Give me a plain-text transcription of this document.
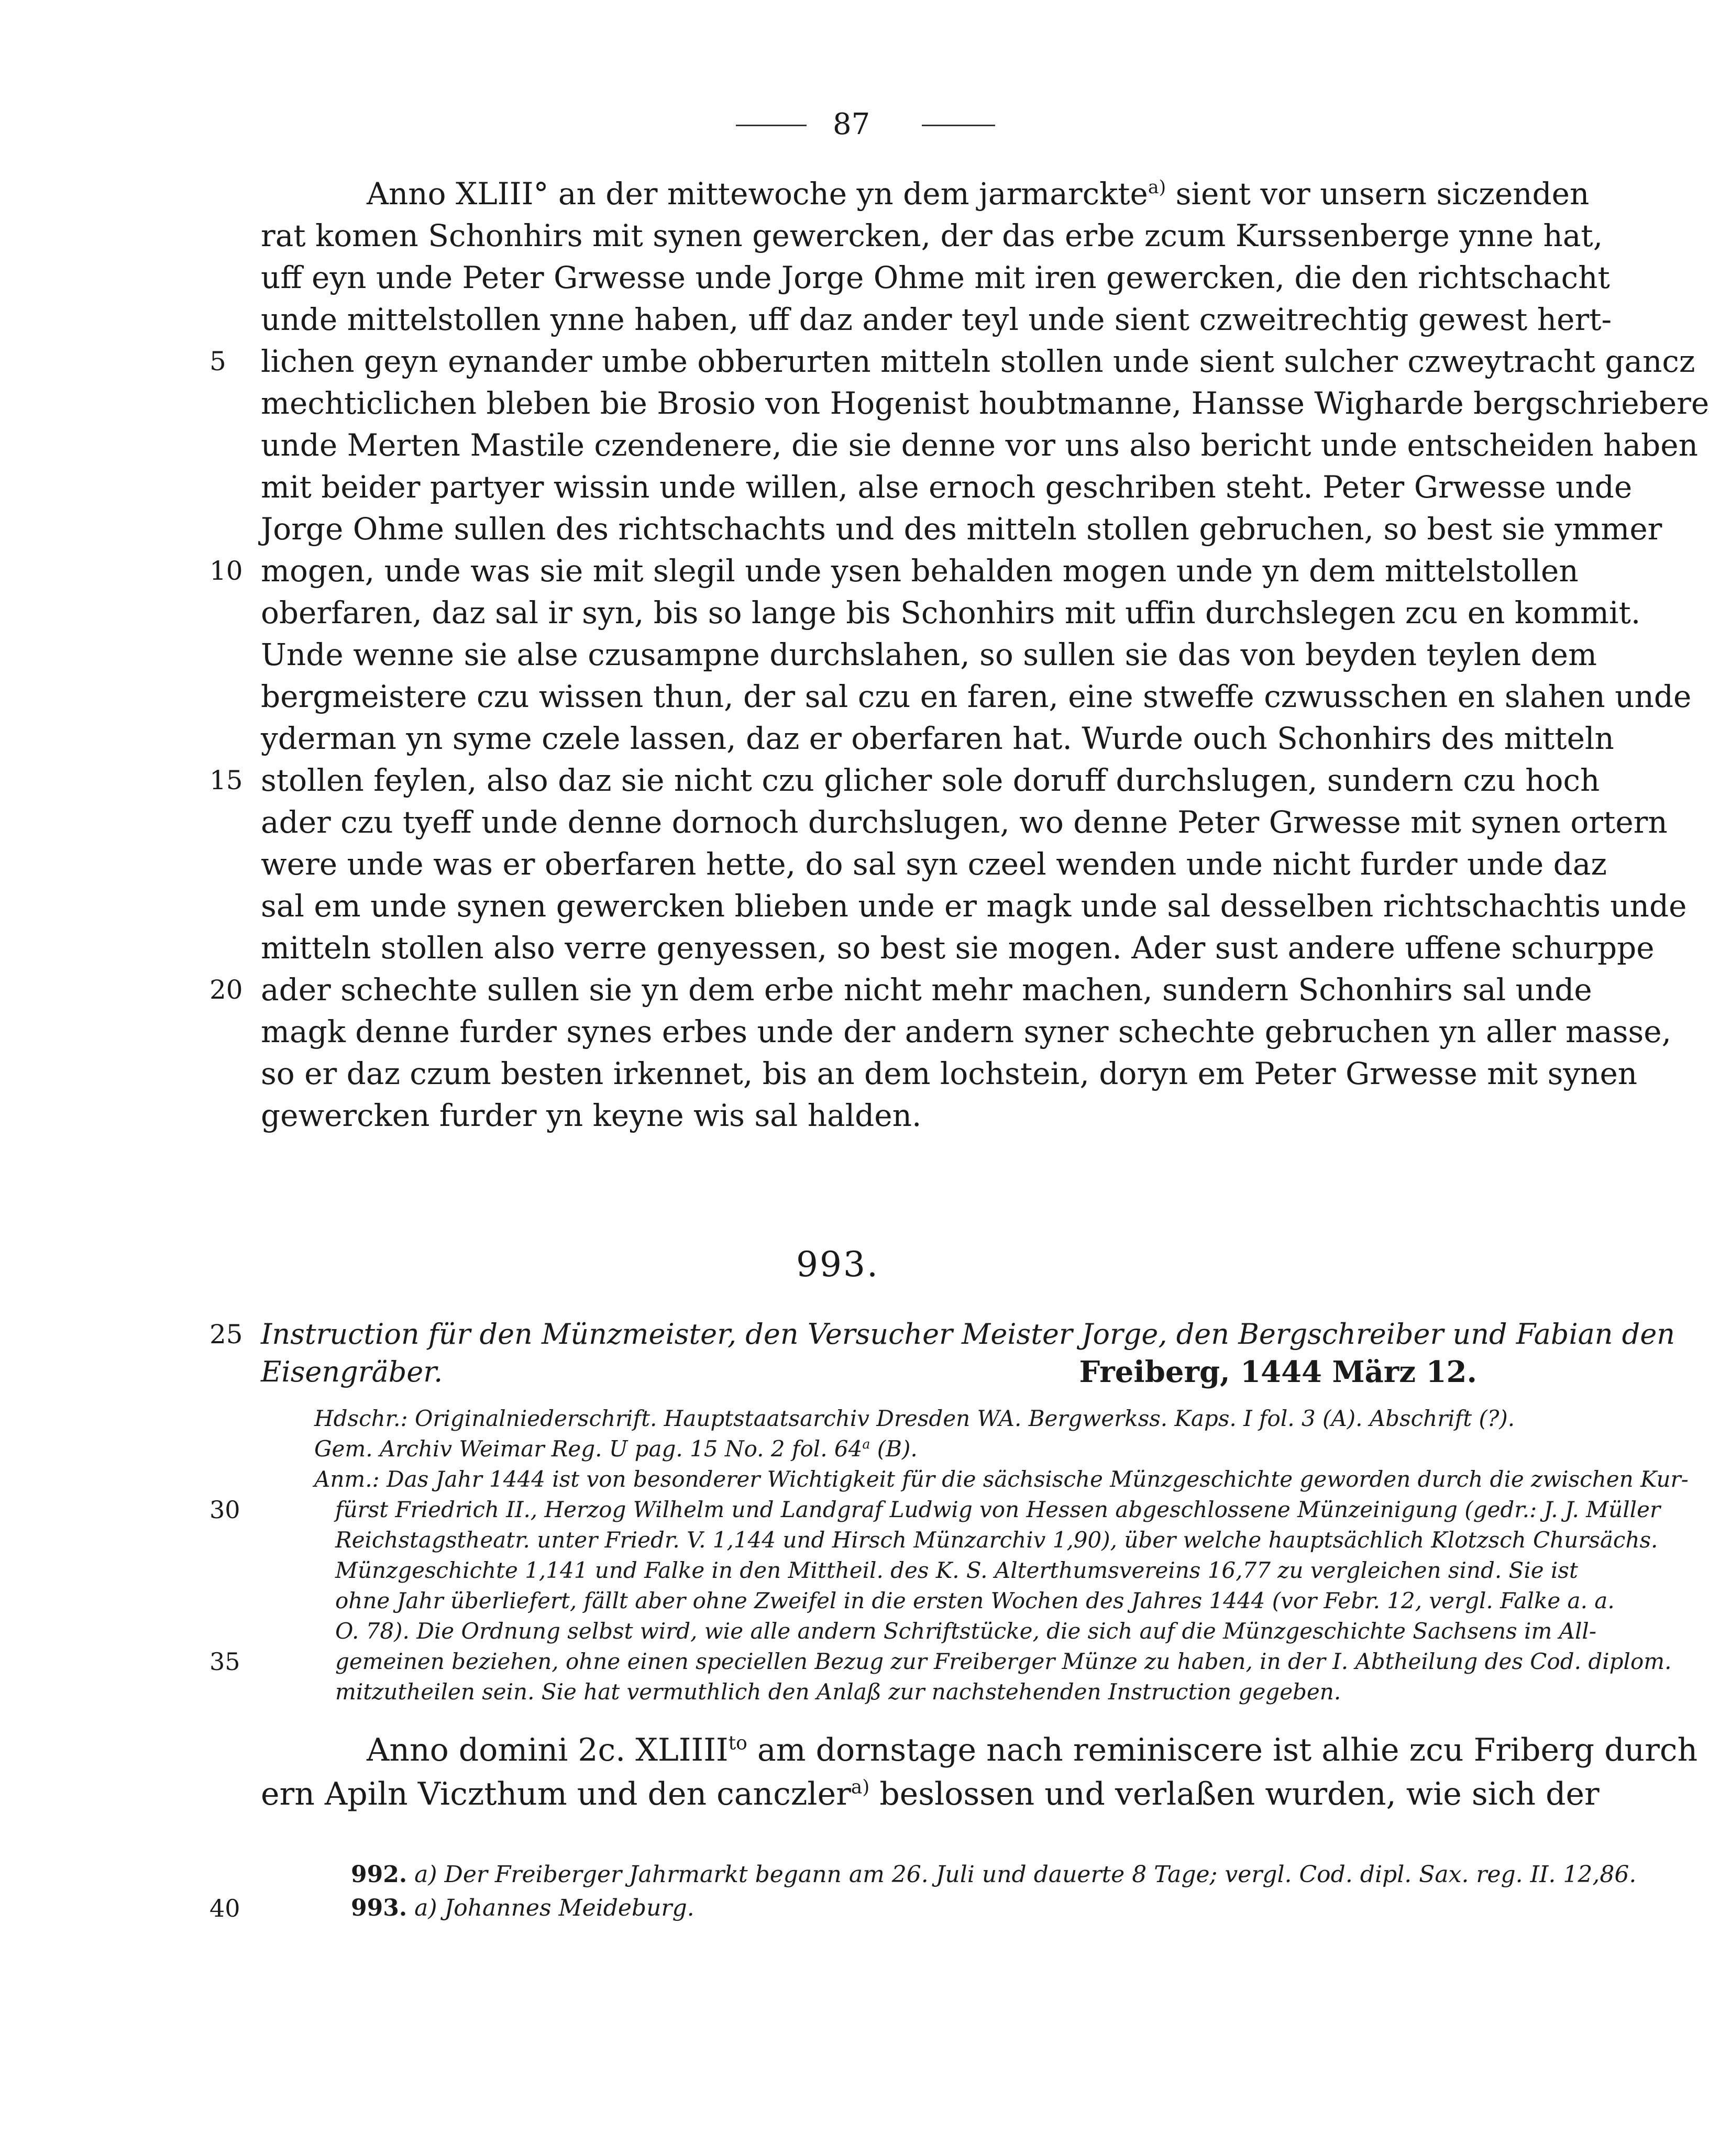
87
Anno XLIII° an der mittewoche yn dem jarmarckte$^{a)}$ sient vor unsern siczenden
rat komen Schonhirs mit synen gewercken, der das erbe zcum Kurssenberge ynne hat,
uff eyn unde Peter Grwesse unde Jorge Ohme mit iren gewercken, die den richtschacht
unde mittelstollen ynne haben, uff daz ander teyl unde sient czweitrechtig gewest hert-
5	lichen geyn eynander umbe obberurten mitteln stollen unde sient sulcher czweytracht gancz
mechticlichen bleben bie Brosio von Hogenist houbtmanne, Hansse Wigharde bergschriebere
unde Merten Mastile czendenere, die sie denne vor uns also bericht unde entscheiden haben
mit beider partyer wissin unde willen, alse ernoch geschriben steht. Peter Grwesse unde
Jorge Ohme sullen des richtschachts und des mitteln stollen gebruchen, so best sie ymmer
10 mogen, unde was sie mit slegil unde ysen behalden mogen unde yn dem mittelstollen
oberfaren, daz sal ir syn, bis so lange bis Schonhirs mit uffin durchslegen zcu en kommit.
Unde wenne sie alse czusampne durchslahen, so sullen sie das von beyden teylen dem
bergmeistere czu wissen thun, der sal czu en faren, eine stweffe czwusschen en slahen unde
yderman yn syme czele lassen, daz er oberfaren hat. Wurde ouch Schonhirs des mitteln
15 stollen feylen, also daz sie nicht czu glicher sole doruff durchslugen, sundern czu hoch
ader czu tyeff unde denne dornoch durchslugen, wo denne Peter Grwesse mit synen ortern
were unde was er oberfaren hette, do sal syn czeel wenden unde nicht furder unde daz
sal em unde synen gewercken blieben unde er magk unde sal desselben richtschachtis unde
mitteln stollen also verre genyessen, so best sie mogen. Ader sust andere uffene schurppe
20 ader schechte sullen sie yn dem erbe nicht mehr machen, sundern Schonhirs sal unde
magk denne furder synes erbes unde der andern syner schechte gebruchen yn aller masse,
so er daz czum besten irkennet, bis an dem lochstein, doryn em Peter Grwesse mit synen
gewercken furder yn keyne wis sal halden.
993.
25 Instruction für den Münzmeister, den Versucher Meister Jorge, den Bergschreiber und Fabian den
Eisengräber.	Freiberg, 1444 März 12.
Hdschr.: Originalniederschrift. Hauptstaatsarchiv Dresden WA. Bergwerkss. Kaps. I fol. 3 (A). Abschrift (?).
Gem. Archiv Weimar Reg. U pag. 15 No. 2 fol. 64$^a$ (B).
Anm.: Das Jahr 1444 ist von besonderer Wichtigkeit für die sächsische Münzgeschichte geworden durch die zwischen Kur-
30	fürst Friedrich II., Herzog Wilhelm und Landgraf Ludwig von Hessen abgeschlossene Münzeinigung (gedr.: J. J. Müller
Reichstagstheatr. unter Friedr. V. 1,144 und Hirsch Münzarchiv 1,90), über welche hauptsächlich Klotzsch Chursächs.
Münzgeschichte 1,141 und Falke in den Mittheil. des K. S. Alterthumsvereins 16,77 zu vergleichen sind. Sie ist
ohne Jahr überliefert, fällt aber ohne Zweifel in die ersten Wochen des Jahres 1444 (vor Febr. 12, vergl. Falke a. a.
O. 78). Die Ordnung selbst wird, wie alle andern Schriftstücke, die sich auf die Münzgeschichte Sachsens im All-
35	gemeinen beziehen, ohne einen speciellen Bezug zur Freiberger Münze zu haben, in der I. Abtheilung des Cod. diplom.
mitzutheilen sein. Sie hat vermuthlich den Anlaß zur nachstehenden Instruction gegeben.
Anno domini 2c. $XLIIII^{to}$ am dornstage nach reminiscere ist alhie zcu Friberg durch
ern Apiln Viczthum und den canczler$^{a)}$ beslossen und verlaßen wurden, wie sich der
992. a) Der Freiberger Jahrmarkt begann am 26. Juli und dauerte 8 Tage; vergl. Cod. dipl. Sax. reg. II. 12,86.
40	993. a) Johannes Meideburg.
